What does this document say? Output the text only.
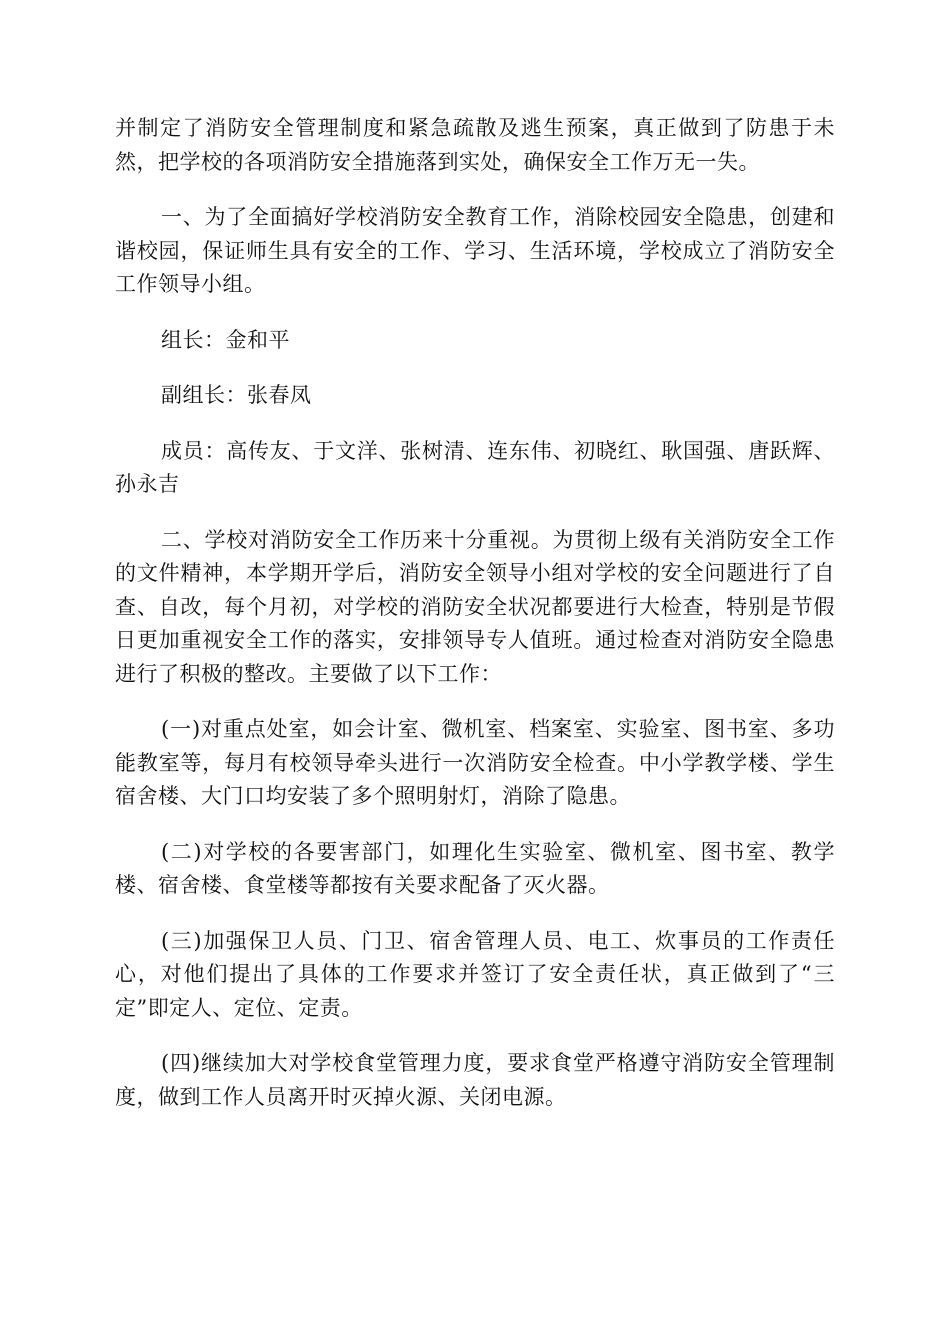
并制定了消防安全管理制度和紧急疏散及逃生预案，真正做到了防患于未然，把学校的各项消防安全措施落到实处，确保安全工作万无一失。

一、为了全面搞好学校消防安全教育工作，消除校园安全隐患，创建和谐校园，保证师生具有安全的工作、学习、生活环境，学校成立了消防安全工作领导小组。

组长：金和平

副组长：张春凤

成员：高传友、于文洋、张树清、连东伟、初晓红、耿国强、唐跃辉、孙永吉

二、学校对消防安全工作历来十分重视。为贯彻上级有关消防安全工作的文件精神，本学期开学后，消防安全领导小组对学校的安全问题进行了自查、自改，每个月初，对学校的消防安全状况都要进行大检查，特别是节假日更加重视安全工作的落实，安排领导专人值班。通过检查对消防安全隐患进行了积极的整改。主要做了以下工作：

(一)对重点处室，如会计室、微机室、档案室、实验室、图书室、多功能教室等，每月有校领导牵头进行一次消防安全检查。中小学教学楼、学生宿舍楼、大门口均安装了多个照明射灯，消除了隐患。

(二)对学校的各要害部门，如理化生实验室、微机室、图书室、教学楼、宿舍楼、食堂楼等都按有关要求配备了灭火器。

(三)加强保卫人员、门卫、宿舍管理人员、电工、炊事员的工作责任心，对他们提出了具体的工作要求并签订了安全责任状，真正做到了“三定”即定人、定位、定责。

(四)继续加大对学校食堂管理力度，要求食堂严格遵守消防安全管理制度，做到工作人员离开时灭掉火源、关闭电源。
